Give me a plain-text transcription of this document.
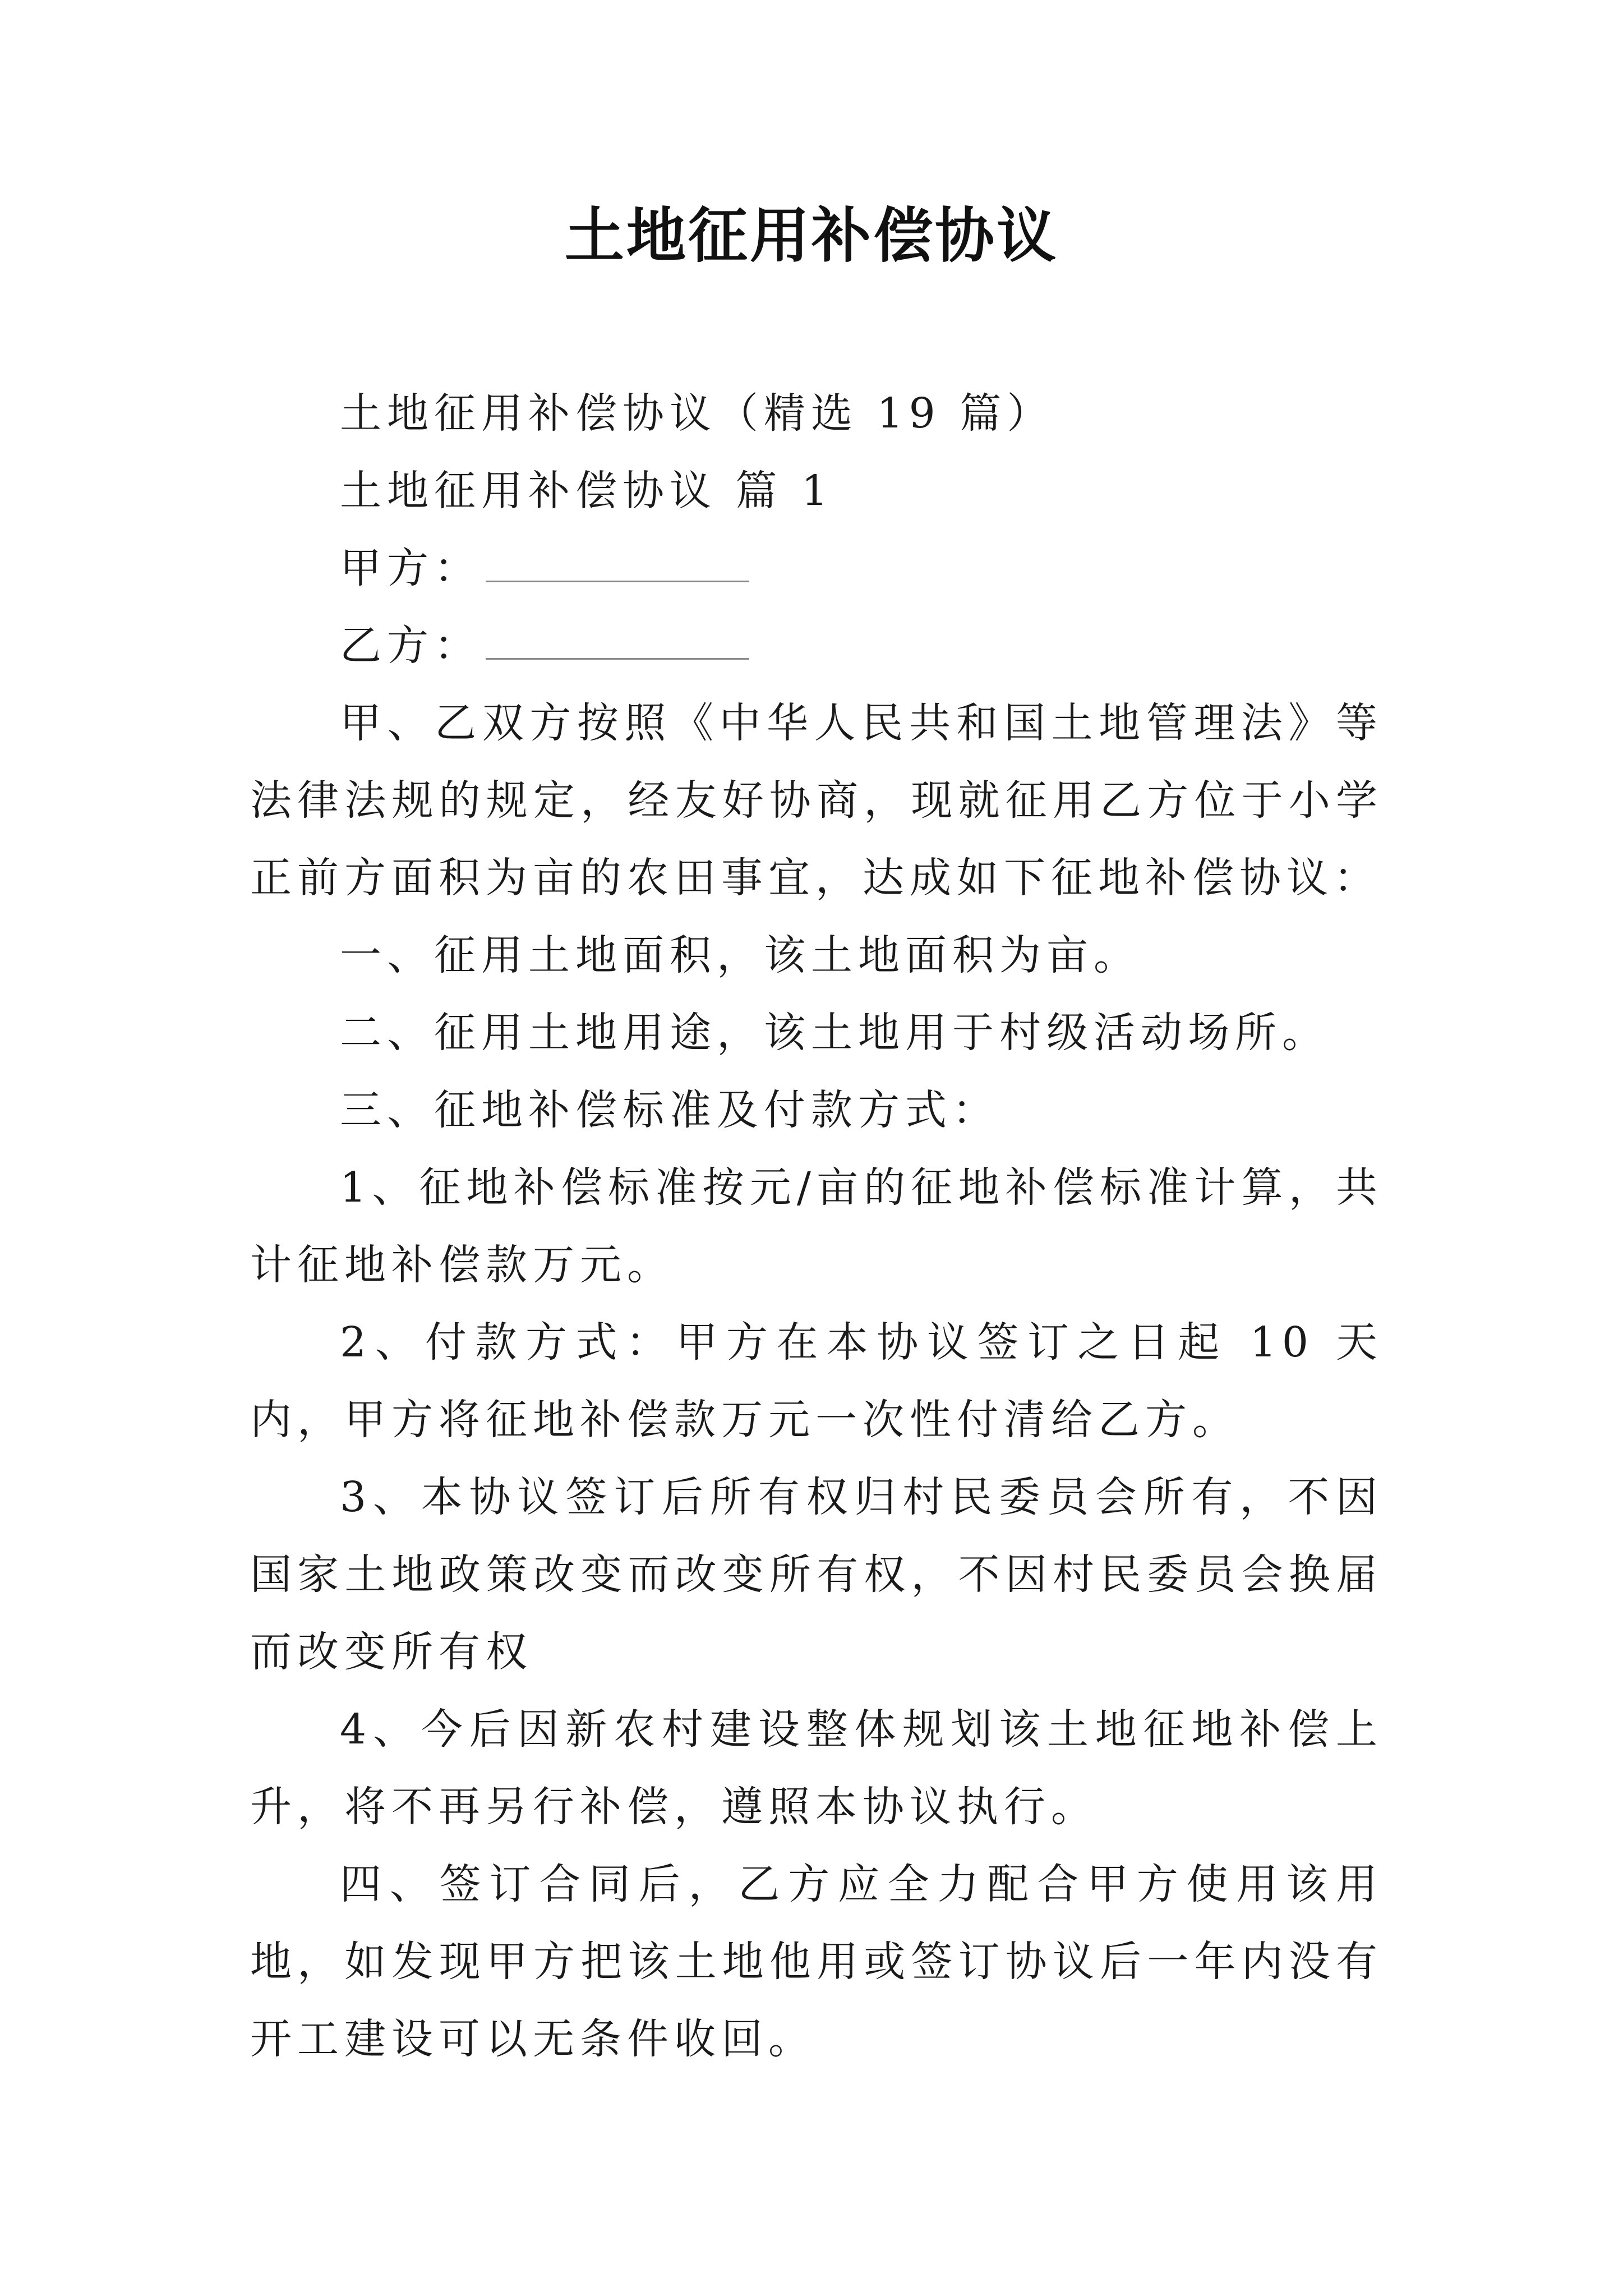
土地征用补偿协议

土地征用补偿协议（精选 19 篇）

土地征用补偿协议 篇 1

甲方：

乙方：

甲、乙双方按照《中华人民共和国土地管理法》等法律法规的规定，经友好协商，现就征用乙方位于小学正前方面积为亩的农田事宜，达成如下征地补偿协议：

一、征用土地面积，该土地面积为亩。

二、征用土地用途，该土地用于村级活动场所。

三、征地补偿标准及付款方式：

1、征地补偿标准按元/亩的征地补偿标准计算，共计征地补偿款万元。

2、付款方式：甲方在本协议签订之日起 10 天内，甲方将征地补偿款万元一次性付清给乙方。

3、本协议签订后所有权归村民委员会所有，不因国家土地政策改变而改变所有权，不因村民委员会换届而改变所有权

4、今后因新农村建设整体规划该土地征地补偿上升，将不再另行补偿，遵照本协议执行。

四、签订合同后，乙方应全力配合甲方使用该用地，如发现甲方把该土地他用或签订协议后一年内没有开工建设可以无条件收回。
